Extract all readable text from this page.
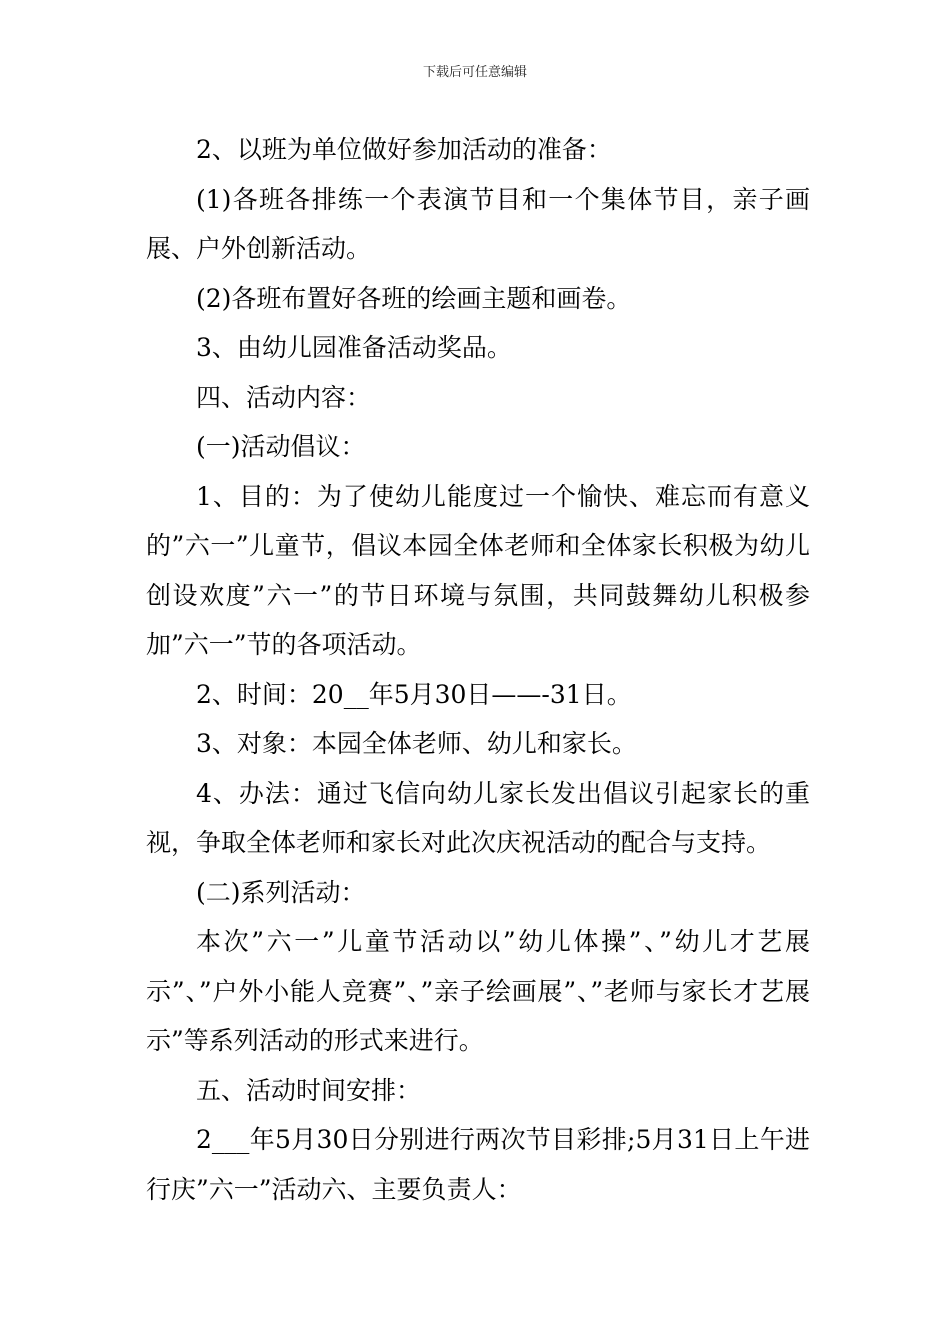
下载后可任意编辑

2、以班为单位做好参加活动的准备：

(1)各班各排练一个表演节目和一个集体节目，亲子画展、户外创新活动。

(2)各班布置好各班的绘画主题和画卷。

3、由幼儿园准备活动奖品。

四、活动内容：

(一)活动倡议：

1、目的：为了使幼儿能度过一个愉快、难忘而有意义的”六一”儿童节，倡议本园全体老师和全体家长积极为幼儿创设欢度”六一”的节日环境与氛围，共同鼓舞幼儿积极参加”六一”节的各项活动。

2、时间：20__年5月30日——-31日。

3、对象：本园全体老师、幼儿和家长。

4、办法：通过飞信向幼儿家长发出倡议引起家长的重视，争取全体老师和家长对此次庆祝活动的配合与支持。

(二)系列活动：

本次”六一”儿童节活动以”幼儿体操”、”幼儿才艺展示”、”户外小能人竞赛”、”亲子绘画展”、”老师与家长才艺展示”等系列活动的形式来进行。

五、活动时间安排：

2___年5月30日分别进行两次节目彩排;5月31日上午进行庆”六一”活动六、主要负责人：
